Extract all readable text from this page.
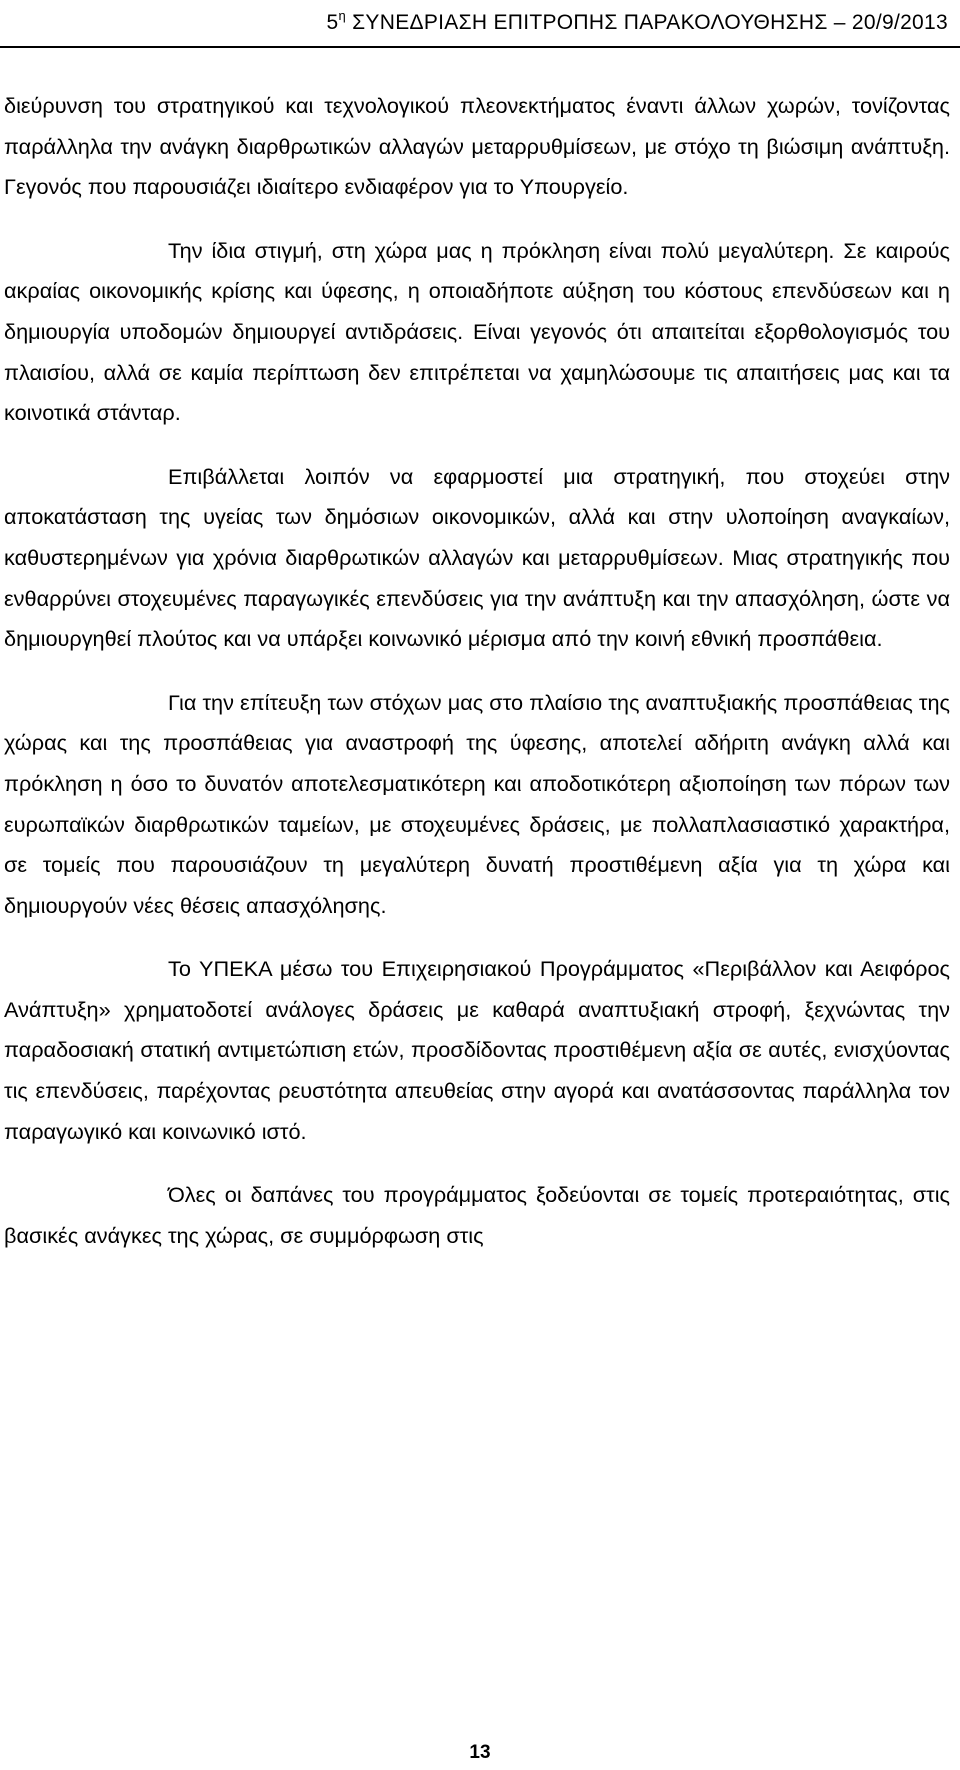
$5^\eta$ ΣΥΝΕΔΡΙΑΣΗ ΕΠΙΤΡΟΠΗΣ ΠΑΡΑΚΟΛΟΥΘΗΣΗΣ – 20/9/2013

διεύρυνση του στρατηγικού και τεχνολογικού πλεονεκτήματος έναντι άλλων χωρών, τονίζοντας παράλληλα την ανάγκη διαρθρωτικών αλλαγών μεταρρυθμίσεων, με στόχο τη βιώσιμη ανάπτυξη. Γεγονός που παρουσιάζει ιδιαίτερο ενδιαφέρον για το Υπουργείο.

Την ίδια στιγμή, στη χώρα μας η πρόκληση είναι πολύ μεγαλύτερη. Σε καιρούς ακραίας οικονομικής κρίσης και ύφεσης, η οποιαδήποτε αύξηση του κόστους επενδύσεων και η δημιουργία υποδομών δημιουργεί αντιδράσεις. Είναι γεγονός ότι απαιτείται εξορθολογισμός του πλαισίου, αλλά σε καμία περίπτωση δεν επιτρέπεται να χαμηλώσουμε τις απαιτήσεις μας και τα κοινοτικά στάνταρ.

Επιβάλλεται λοιπόν να εφαρμοστεί μια στρατηγική, που στοχεύει στην αποκατάσταση της υγείας των δημόσιων οικονομικών, αλλά και στην υλοποίηση αναγκαίων, καθυστερημένων για χρόνια διαρθρωτικών αλλαγών και μεταρρυθμίσεων. Μιας στρατηγικής που ενθαρρύνει στοχευμένες παραγωγικές επενδύσεις για την ανάπτυξη και την απασχόληση, ώστε να δημιουργηθεί πλούτος και να υπάρξει κοινωνικό μέρισμα από την κοινή εθνική προσπάθεια.

Για την επίτευξη των στόχων μας στο πλαίσιο της αναπτυξιακής προσπάθειας της χώρας και της προσπάθειας για αναστροφή της ύφεσης, αποτελεί αδήριτη ανάγκη αλλά και πρόκληση η όσο το δυνατόν αποτελεσματικότερη και αποδοτικότερη αξιοποίηση των πόρων των ευρωπαϊκών διαρθρωτικών ταμείων, με στοχευμένες δράσεις, με πολλαπλασιαστικό χαρακτήρα, σε τομείς που παρουσιάζουν τη μεγαλύτερη δυνατή προστιθέμενη αξία για τη χώρα και δημιουργούν νέες θέσεις απασχόλησης.

Το ΥΠΕΚΑ μέσω του Επιχειρησιακού Προγράμματος «Περιβάλλον και Αειφόρος Ανάπτυξη» χρηματοδοτεί ανάλογες δράσεις με καθαρά αναπτυξιακή στροφή, ξεχνώντας την παραδοσιακή στατική αντιμετώπιση ετών, προσδίδοντας προστιθέμενη αξία σε αυτές, ενισχύοντας τις επενδύσεις, παρέχοντας ρευστότητα απευθείας στην αγορά και ανατάσσοντας παράλληλα τον παραγωγικό και κοινωνικό ιστό.

Όλες οι δαπάνες του προγράμματος ξοδεύονται σε τομείς προτεραιότητας, στις βασικές ανάγκες της χώρας, σε συμμόρφωση στις

13
